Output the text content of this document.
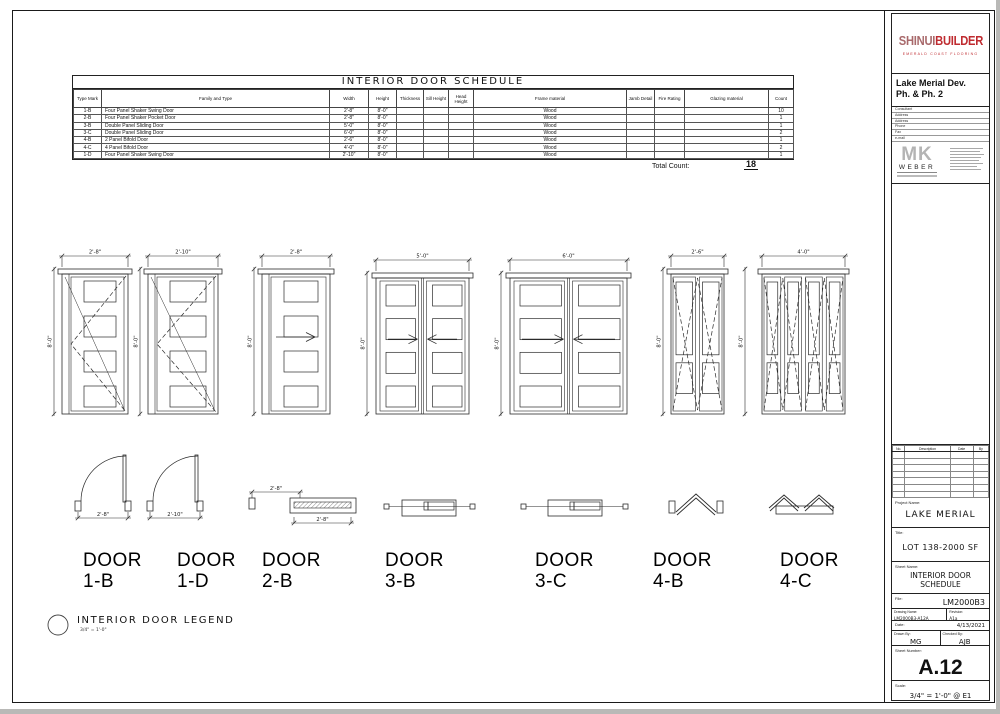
INTERIOR DOOR SCHEDULE
Type Mark	Family and Type	Width	Height	Thickness	Sill Height	Head Height	Frame material	Jamb Detail	Fire Rating	Glazing material	Count
1-B	Four Panel Shaker Swing Door	2'-8"	8'-0"				Wood				10
2-B	Four Panel Shaker Pocket Door	2'-8"	8'-0"				Wood				1
3-B	Double Panel Sliding Door	5'-0"	8'-0"				Wood				1
3-C	Double Panel Sliding Door	6'-0"	8'-0"				Wood				2
4-B	2 Panel Bifold Door	2'-6"	8'-0"				Wood				1
4-C	4 Panel Bifold Door	4'-0"	8'-0"				Wood				2
1-D	Four Panel Shaker Swing Door	2'-10"	8'-0"				Wood				1
Total Count:	18
2'-8"
8'-0"
2'-10"
8'-0"
2'-8"
8'-0"
5'-0"
8'-0"
6'-0"
8'-0"
2'-6"
8'-0"
4'-0"
8'-0"
2'-8"	2'-10"
2'-8"
2'-8"
DOOR
1-B
DOOR
1-D
DOOR
2-B
DOOR
3-B
DOOR
3-C
DOOR
4-B
DOOR
4-C
INTERIOR DOOR LEGEND
3/4" = 1'-0"
SHINUIBUILDER
EMERALD COAST FLOORING
Lake Merial Dev.
Ph. & Ph. 2
Consultant
Address
Address
Phone
Fax
e-mail
MK
WEBER
No.	Description	Date	By

Project Name:
LAKE MERIAL
Title:
LOT 138-2000 SF
Sheet Name:
INTERIOR DOOR
SCHEDULE
File:	LM2000B3
Drawing Name:
LM2000B3-A12A
Revision:
A1a
Date:	4/13/2021
Drawn By:
MG
Checked By:
AJB
Sheet Number:
A.12
Scale:
3/4" = 1'-0" @ E1
